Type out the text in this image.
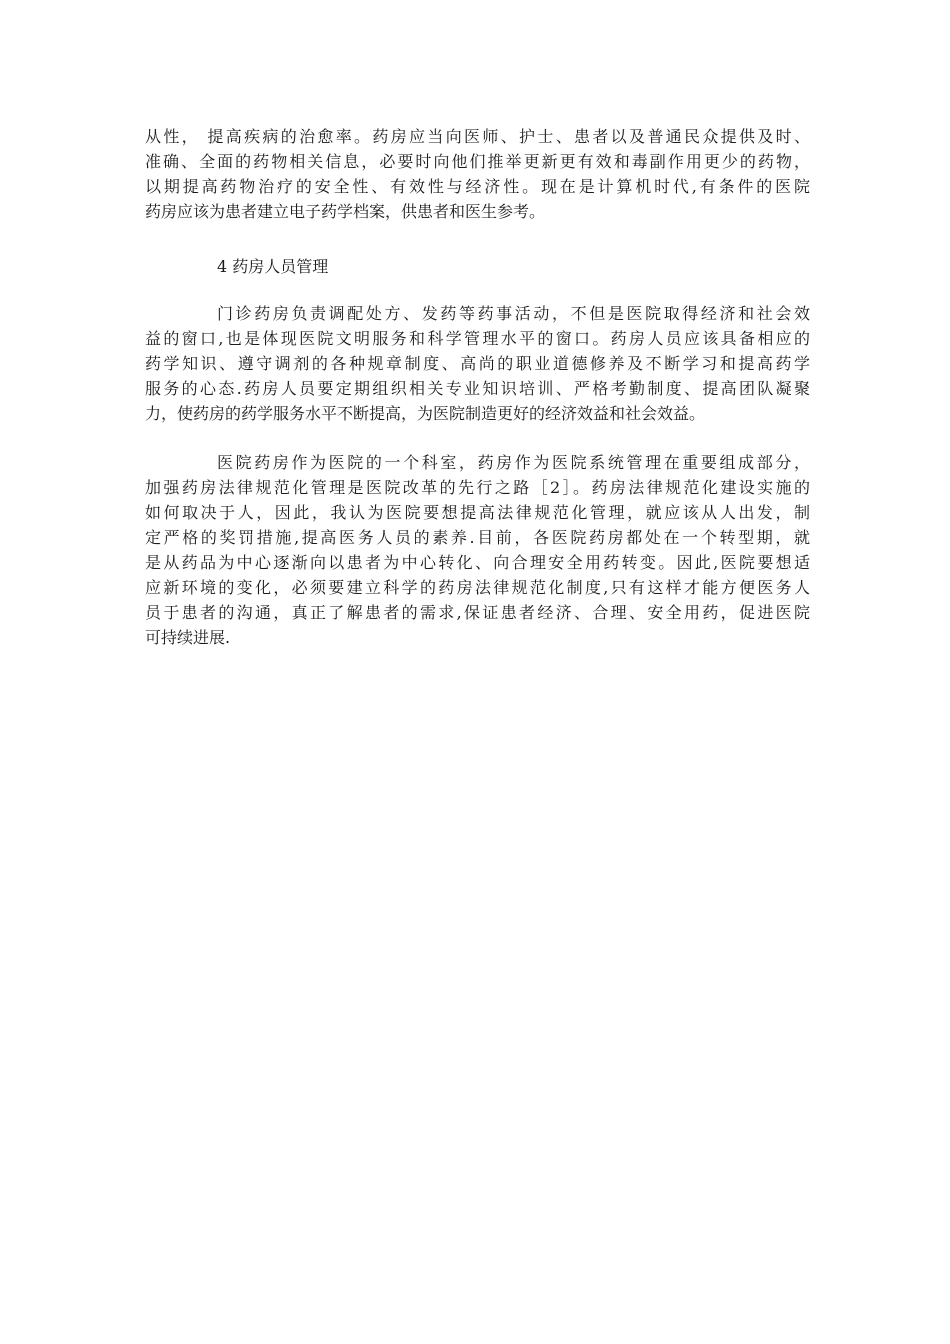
从性， 提高疾病的治愈率。药房应当向医师、护士、患者以及普通民众提供及时、
准确、全面的药物相关信息，必要时向他们推举更新更有效和毒副作用更少的药物，
以期提高药物治疗的安全性、有效性与经济性。现在是计算机时代,有条件的医院
药房应该为患者建立电子药学档案，供患者和医生参考。
4 药房人员管理
门诊药房负责调配处方、发药等药事活动，不但是医院取得经济和社会效
益的窗口,也是体现医院文明服务和科学管理水平的窗口。药房人员应该具备相应的
药学知识、遵守调剂的各种规章制度、高尚的职业道德修养及不断学习和提高药学
服务的心态.药房人员要定期组织相关专业知识培训、严格考勤制度、提高团队凝聚
力，使药房的药学服务水平不断提高，为医院制造更好的经济效益和社会效益。
医院药房作为医院的一个科室，药房作为医院系统管理在重要组成部分，
加强药房法律规范化管理是医院改革的先行之路［2］。药房法律规范化建设实施的
如何取决于人，因此，我认为医院要想提高法律规范化管理，就应该从人出发，制
定严格的奖罚措施,提高医务人员的素养.目前，各医院药房都处在一个转型期，就
是从药品为中心逐渐向以患者为中心转化、向合理安全用药转变。因此,医院要想适
应新环境的变化，必须要建立科学的药房法律规范化制度,只有这样才能方便医务人
员于患者的沟通，真正了解患者的需求,保证患者经济、合理、安全用药，促进医院
可持续进展.
